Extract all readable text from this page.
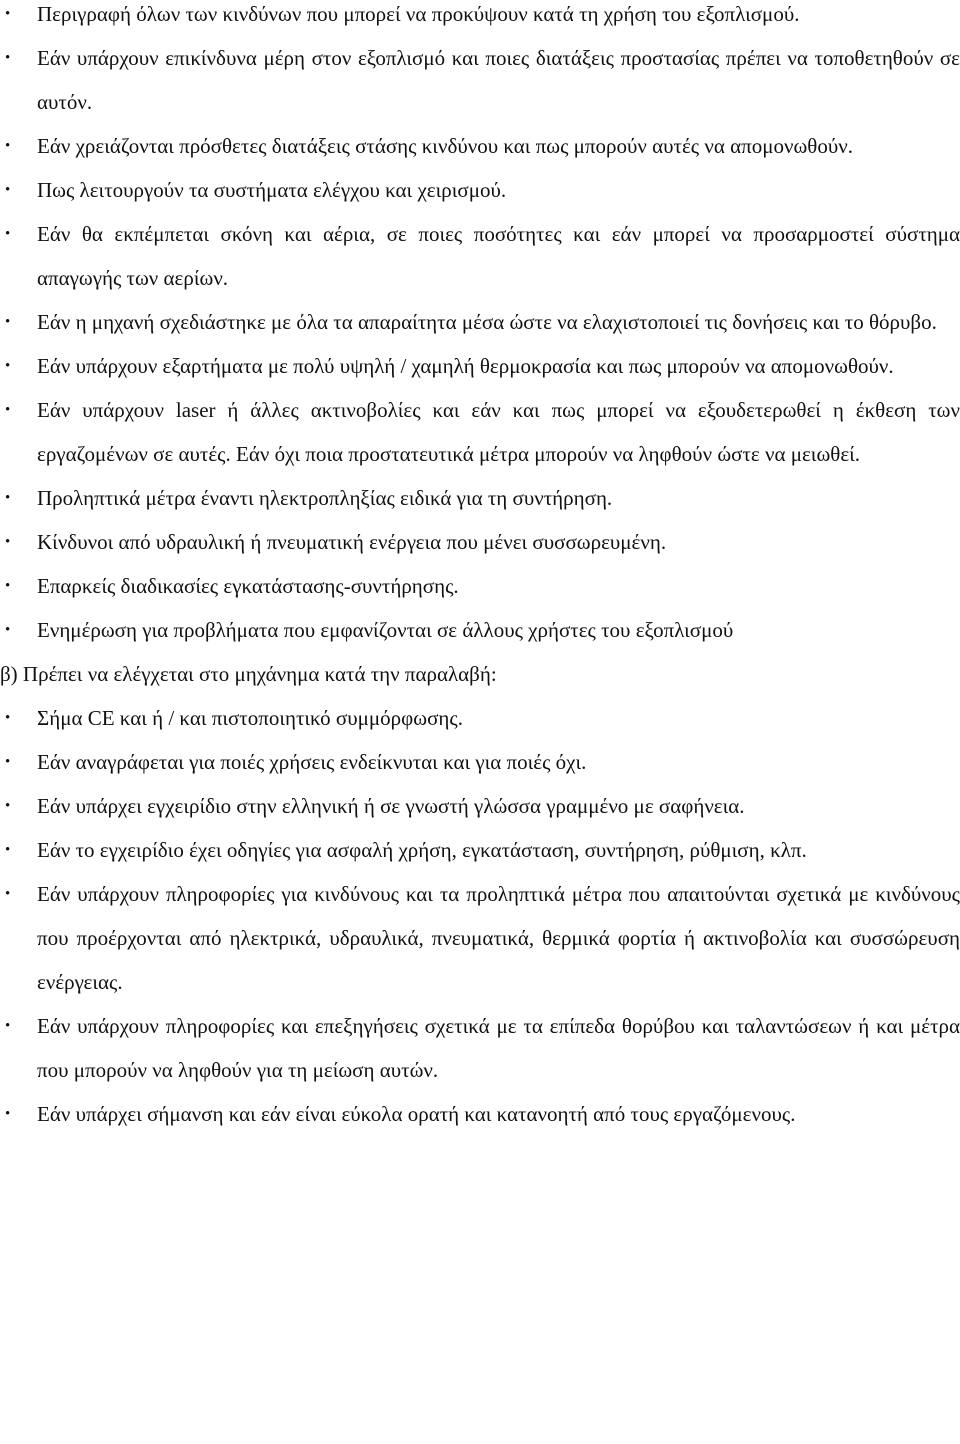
• Περιγραφή όλων των κινδύνων που μπορεί να προκύψουν κατά τη χρήση του εξοπλισμού.
• Εάν υπάρχουν επικίνδυνα μέρη στον εξοπλισμό και ποιες διατάξεις προστασίας πρέπει να τοποθετηθούν σε αυτόν.
• Εάν χρειάζονται πρόσθετες διατάξεις στάσης κινδύνου και πως μπορούν αυτές να απομονωθούν.
• Πως λειτουργούν τα συστήματα ελέγχου και χειρισμού.
• Εάν θα εκπέμπεται σκόνη και αέρια, σε ποιες ποσότητες και εάν μπορεί να προσαρμοστεί σύστημα απαγωγής των αερίων.
• Εάν η μηχανή σχεδιάστηκε με όλα τα απαραίτητα μέσα ώστε να ελαχιστοποιεί τις δονήσεις και το θόρυβο.
• Εάν υπάρχουν εξαρτήματα με πολύ υψηλή / χαμηλή θερμοκρασία και πως μπορούν να απομονωθούν.
• Εάν υπάρχουν laser ή άλλες ακτινοβολίες και εάν και πως μπορεί να εξουδετερωθεί η έκθεση των εργαζομένων σε αυτές. Εάν όχι ποια προστατευτικά μέτρα μπορούν να ληφθούν ώστε να μειωθεί.
• Προληπτικά μέτρα έναντι ηλεκτροπληξίας ειδικά για τη συντήρηση.
• Κίνδυνοι από υδραυλική ή πνευματική ενέργεια που μένει συσσωρευμένη.
• Επαρκείς διαδικασίες εγκατάστασης-συντήρησης.
• Ενημέρωση για προβλήματα που εμφανίζονται σε άλλους χρήστες του εξοπλισμού

β) Πρέπει να ελέγχεται στο μηχάνημα κατά την παραλαβή:

• Σήμα CE και ή / και πιστοποιητικό συμμόρφωσης.
• Εάν αναγράφεται για ποιές χρήσεις ενδείκνυται και για ποιές όχι.
• Εάν υπάρχει εγχειρίδιο στην ελληνική ή σε γνωστή γλώσσα γραμμένο με σαφήνεια.
• Εάν το εγχειρίδιο έχει οδηγίες για ασφαλή χρήση, εγκατάσταση, συντήρηση, ρύθμιση, κλπ.
• Εάν υπάρχουν πληροφορίες για κινδύνους και τα προληπτικά μέτρα που απαιτούνται σχετικά με κινδύνους που προέρχονται από ηλεκτρικά, υδραυλικά, πνευματικά, θερμικά φορτία ή ακτινοβολία και συσσώρευση ενέργειας.
• Εάν υπάρχουν πληροφορίες και επεξηγήσεις σχετικά με τα επίπεδα θορύβου και ταλαντώσεων ή και μέτρα που μπορούν να ληφθούν για τη μείωση αυτών.
• Εάν υπάρχει σήμανση και εάν είναι εύκολα ορατή και κατανοητή από τους εργαζόμενους.
